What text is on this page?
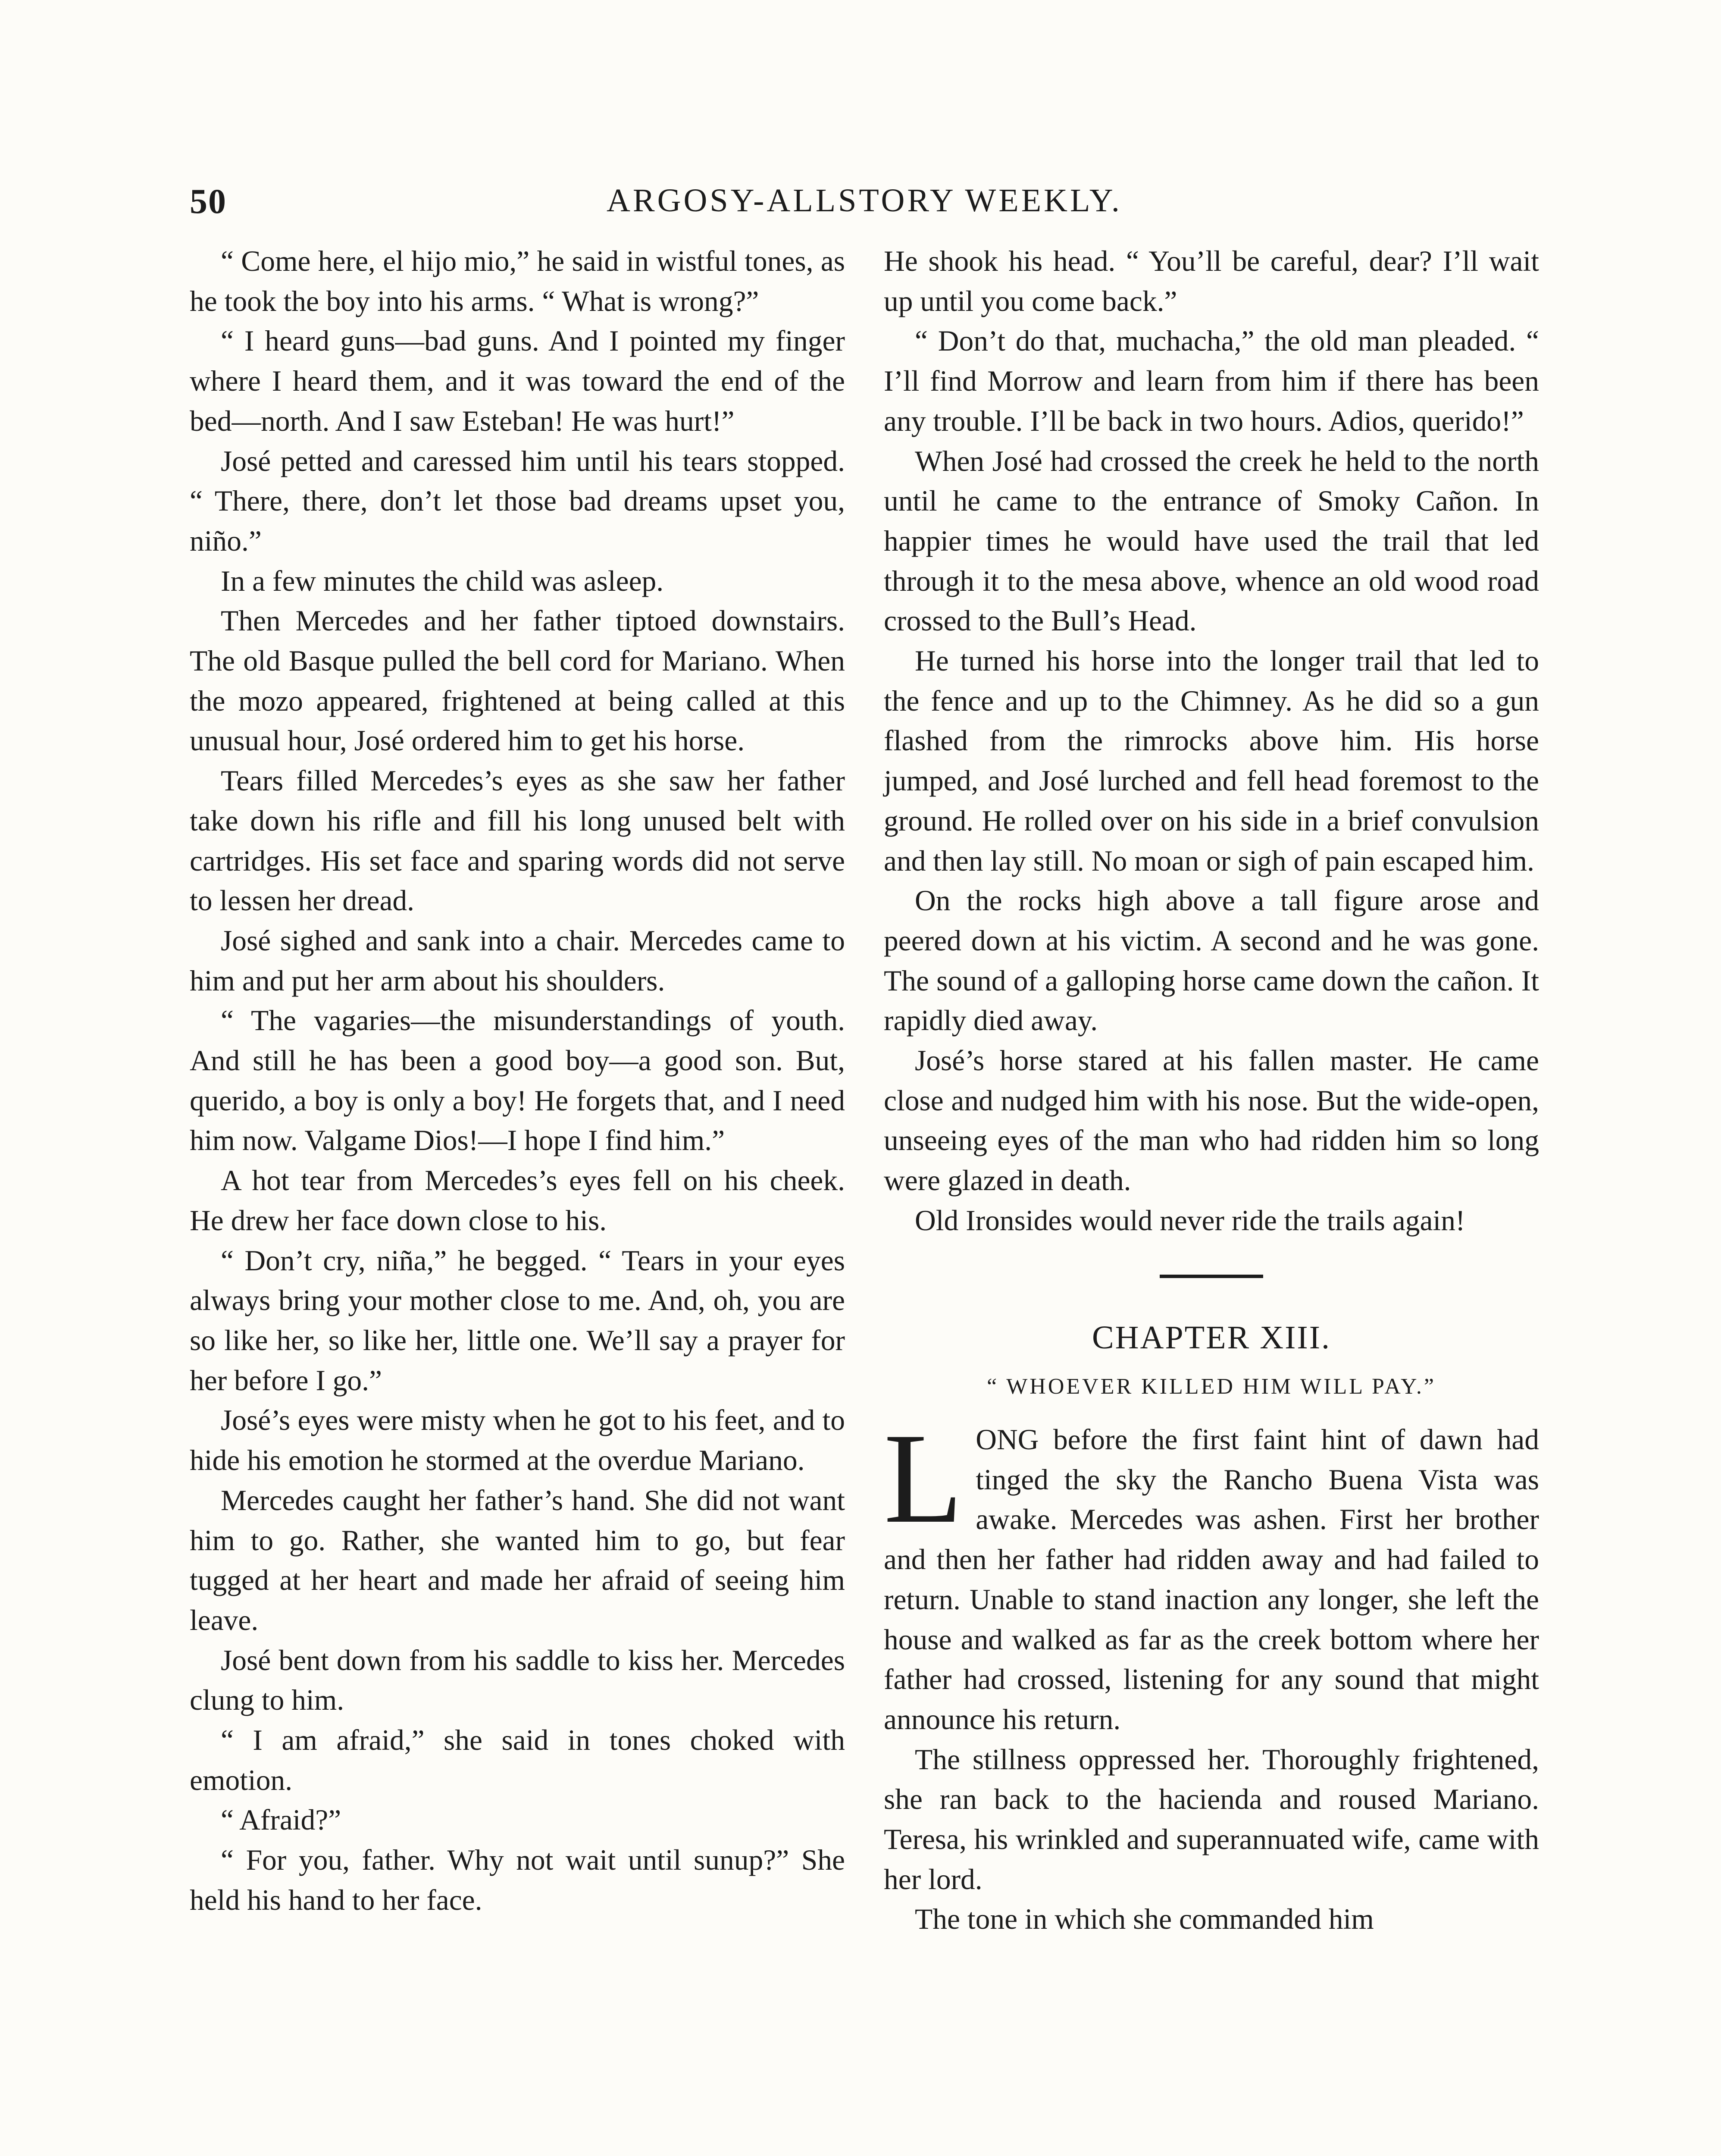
50	ARGOSY-ALLSTORY WEEKLY.

“ Come here, el hijo mio,” he said in wistful tones, as he took the boy into his arms. “ What is wrong?”

“ I heard guns—bad guns. And I pointed my finger where I heard them, and it was toward the end of the bed—north. And I saw Esteban! He was hurt!”

José petted and caressed him until his tears stopped. “ There, there, don’t let those bad dreams upset you, niño.”

In a few minutes the child was asleep.

Then Mercedes and her father tiptoed downstairs. The old Basque pulled the bell cord for Mariano. When the mozo appeared, frightened at being called at this unusual hour, José ordered him to get his horse.

Tears filled Mercedes’s eyes as she saw her father take down his rifle and fill his long unused belt with cartridges. His set face and sparing words did not serve to lessen her dread.

José sighed and sank into a chair. Mercedes came to him and put her arm about his shoulders.

“ The vagaries—the misunderstandings of youth. And still he has been a good boy—a good son. But, querido, a boy is only a boy! He forgets that, and I need him now. Valgame Dios!—I hope I find him.”

A hot tear from Mercedes’s eyes fell on his cheek. He drew her face down close to his.

“ Don’t cry, niña,” he begged. “ Tears in your eyes always bring your mother close to me. And, oh, you are so like her, so like her, little one. We’ll say a prayer for her before I go.”

José’s eyes were misty when he got to his feet, and to hide his emotion he stormed at the overdue Mariano.

Mercedes caught her father’s hand. She did not want him to go. Rather, she wanted him to go, but fear tugged at her heart and made her afraid of seeing him leave.

José bent down from his saddle to kiss her. Mercedes clung to him.

“ I am afraid,” she said in tones choked with emotion.

“ Afraid?”

“ For you, father. Why not wait until sunup?” She held his hand to her face.

He shook his head. “ You’ll be careful, dear? I’ll wait up until you come back.”

“ Don’t do that, muchacha,” the old man pleaded. “ I’ll find Morrow and learn from him if there has been any trouble. I’ll be back in two hours. Adios, querido!”

When José had crossed the creek he held to the north until he came to the entrance of Smoky Cañon. In happier times he would have used the trail that led through it to the mesa above, whence an old wood road crossed to the Bull’s Head.

He turned his horse into the longer trail that led to the fence and up to the Chimney. As he did so a gun flashed from the rimrocks above him. His horse jumped, and José lurched and fell head foremost to the ground. He rolled over on his side in a brief convulsion and then lay still. No moan or sigh of pain escaped him.

On the rocks high above a tall figure arose and peered down at his victim. A second and he was gone. The sound of a galloping horse came down the cañon. It rapidly died away.

José’s horse stared at his fallen master. He came close and nudged him with his nose. But the wide-open, unseeing eyes of the man who had ridden him so long were glazed in death.

Old Ironsides would never ride the trails again!

CHAPTER XIII.
“ WHOEVER KILLED HIM WILL PAY.”

LONG before the first faint hint of dawn had tinged the sky the Rancho Buena Vista was awake. Mercedes was ashen. First her brother and then her father had ridden away and had failed to return. Unable to stand inaction any longer, she left the house and walked as far as the creek bottom where her father had crossed, listening for any sound that might announce his return.

The stillness oppressed her. Thoroughly frightened, she ran back to the hacienda and roused Mariano. Teresa, his wrinkled and superannuated wife, came with her lord.

The tone in which she commanded him
